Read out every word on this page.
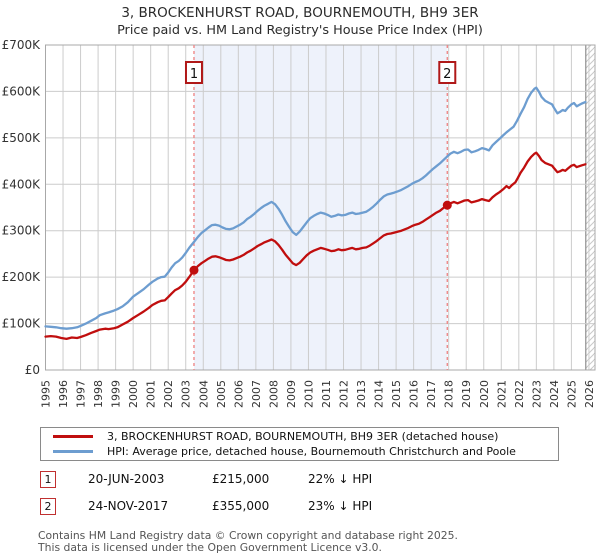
3, BROCKENHURST ROAD, BOURNEMOUTH, BH9 3ER
Price paid vs. HM Land Registry's House Price Index (HPI)
1	2
£0
£100K
£200K
£300K
£400K
£500K
£600K
£700K
1995 1996 1997 1998 1999 2000 2001 2002 2003 2004 2005 2006 2007 2008 2009 2010 2011 2012 2013 2014 2015 2016 2017 2018 2019 2020 2021 2022 2023 2024 2025 2026
3, BROCKENHURST ROAD, BOURNEMOUTH, BH9 3ER (detached house)
HPI: Average price, detached house, Bournemouth Christchurch and Poole
1	20-JUN-2003	£215,000	22% ↓ HPI
2	24-NOV-2017	£355,000	23% ↓ HPI
Contains HM Land Registry data © Crown copyright and database right 2025.
This data is licensed under the Open Government Licence v3.0.
